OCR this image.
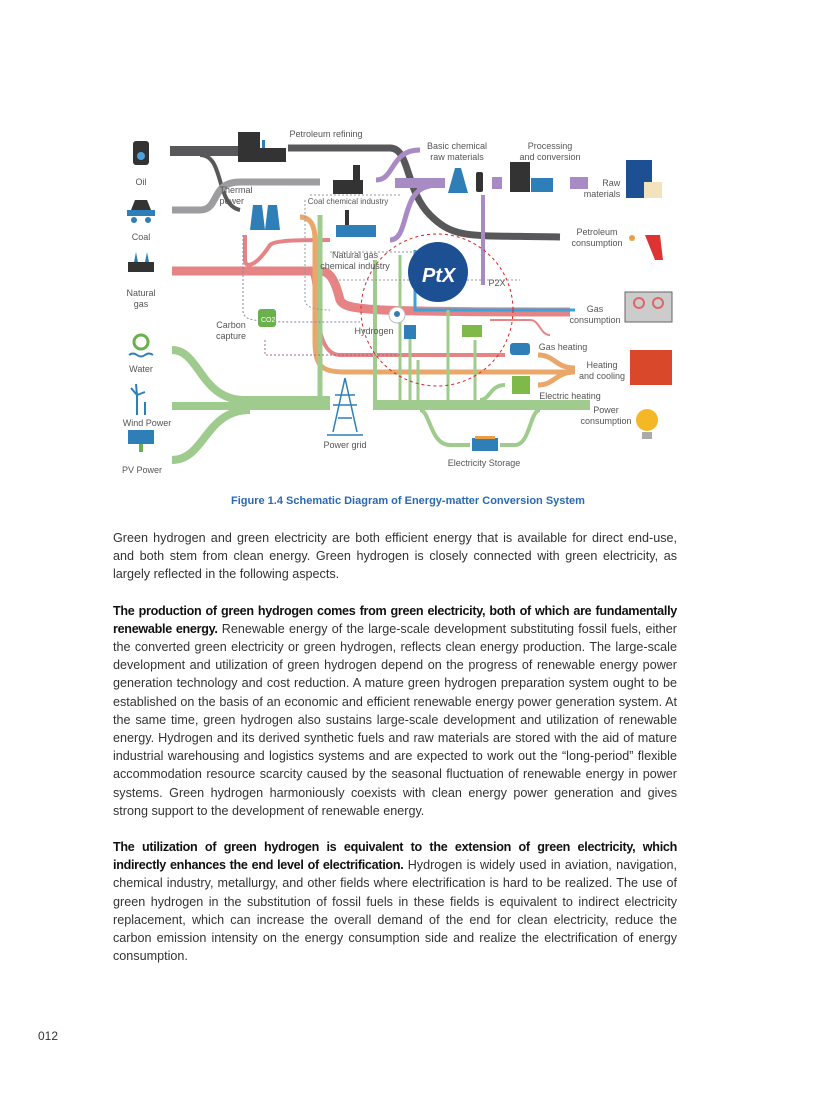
PtX
CO2
Oil
Coal
Natural
gas
Water
Wind Power
PV Power
Petroleum refining
Thermal
power	Coal chemical industry
Natural gas
chemical industry
Carbon
capture	Hydrogen
P2X
Power grid
Electricity Storage
Basic chemical
raw materials
Processing
and conversion
Raw
materials
Petroleum
consumption
Gas
consumption
Gas heating
Heating
and cooling
Electric heating
Power
consumption
Figure 1.4 Schematic Diagram of Energy-matter Conversion System

Green hydrogen and green electricity are both efficient energy that is available for direct end-use, and both stem from clean energy. Green hydrogen is closely connected with green electricity, as largely reflected in the following aspects.

The production of green hydrogen comes from green electricity, both of which are fundamentally renewable energy. Renewable energy of the large-scale development substituting fossil fuels, either the converted green electricity or green hydrogen, reflects clean energy production. The large-scale development and utilization of green hydrogen depend on the progress of renewable energy power generation technology and cost reduction. A mature green hydrogen preparation system ought to be established on the basis of an economic and efficient renewable energy power generation system. At the same time, green hydrogen also sustains large-scale development and utilization of renewable energy. Hydrogen and its derived synthetic fuels and raw materials are stored with the aid of mature industrial warehousing and logistics systems and are expected to work out the “long-period” flexible accommodation resource scarcity caused by the seasonal fluctuation of renewable energy in power systems. Green hydrogen harmoniously coexists with clean energy power generation and gives strong support to the development of renewable energy.

The utilization of green hydrogen is equivalent to the extension of green electricity, which indirectly enhances the end level of electrification. Hydrogen is widely used in aviation, navigation, chemical industry, metallurgy, and other fields where electrification is hard to be realized. The use of green hydrogen in the substitution of fossil fuels in these fields is equivalent to indirect electricity replacement, which can increase the overall demand of the end for clean electricity, reduce the carbon emission intensity on the energy consumption side and realize the electrification of energy consumption.

012
